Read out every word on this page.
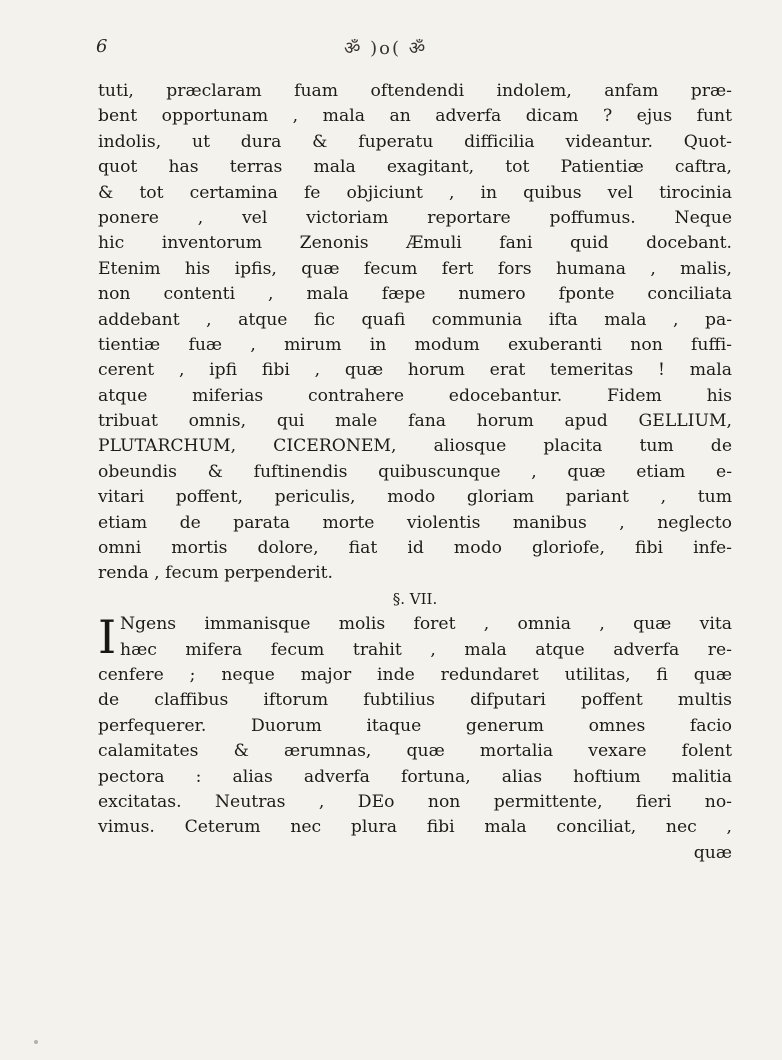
6	ॐ )o( ॐ
tuti, præclaram fuam oftendendi indolem, anfam præ-
bent opportunam , mala an adverfa dicam ? ejus funt
indolis, ut dura & fuperatu difficilia videantur. Quot-
quot has terras mala exagitant, tot Patientiæ caftra,
& tot certamina fe objiciunt , in quibus vel tirocinia
ponere , vel victoriam reportare poffumus. Neque
hic inventorum Zenonis Æmuli fani quid docebant.
Etenim his ipfis, quæ fecum fert fors humana , malis,
non contenti , mala fæpe numero fponte conciliata
addebant , atque fic quafi communia ifta mala , pa-
tientiæ fuæ , mirum in modum exuberanti non fuffi-
cerent , ipfi fibi , quæ horum erat temeritas ! mala
atque miferias contrahere edocebantur. Fidem his
tribuat omnis, qui male fana horum apud GELLIUM,
PLUTARCHUM, CICERONEM, aliosque placita tum de
obeundis & fuftinendis quibuscunque , quæ etiam e-
vitari poffent, periculis, modo gloriam pariant , tum
etiam de parata morte violentis manibus , neglecto
omni mortis dolore, fiat id modo gloriofe, fibi infe-
renda , fecum perpenderit.
§. VII.
I Ngens immanisque molis foret , omnia , quæ vita
hæc mifera fecum trahit , mala atque adverfa re-
cenfere ; neque major inde redundaret utilitas, fi quæ
de claffibus iftorum fubtilius difputari poffent multis
perfequerer. Duorum itaque generum omnes facio
calamitates & ærumnas, quæ mortalia vexare folent
pectora : alias adverfa fortuna, alias hoftium malitia
excitatas. Neutras , DEo non permittente, fieri no-
vimus. Ceterum nec plura fibi mala conciliat, nec ,
quæ
